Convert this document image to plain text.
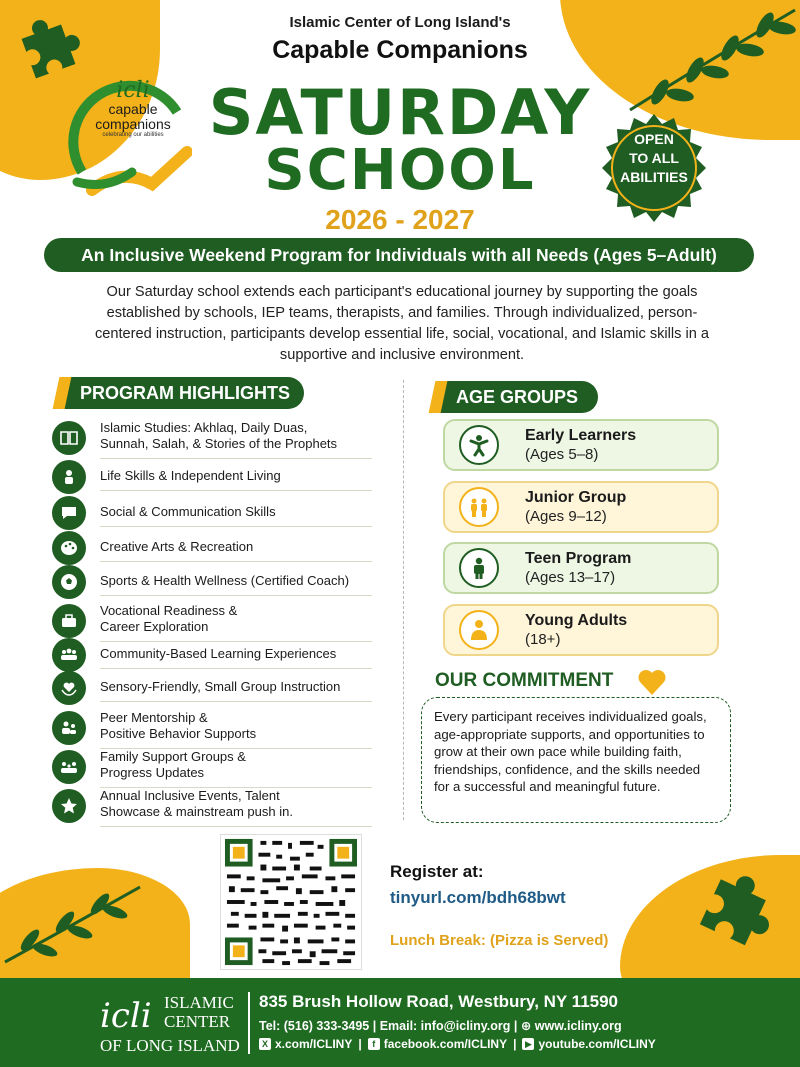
Islamic Center of Long Island's
Capable Companions
SATURDAY
SCHOOL
2026 - 2027
icli
capable
companions
celebrating our abilities	OPEN
TO ALL
ABILITIES
An Inclusive Weekend Program for Individuals with all Needs (Ages 5–Adult)
Our Saturday school extends each participant's educational journey by supporting the goals established by schools, IEP teams, therapists, and families. Through individualized, person-centered instruction, participants develop essential life, social, vocational, and Islamic skills in a supportive and inclusive environment.
PROGRAM HIGHLIGHTS
Islamic Studies: Akhlaq, Daily Duas,
Sunnah, Salah, & Stories of the Prophets
Life Skills & Independent Living
Social & Communication Skills
Creative Arts & Recreation
Sports & Health Wellness (Certified Coach)
Vocational Readiness &
Career Exploration
Community-Based Learning Experiences
Sensory-Friendly, Small Group Instruction
Peer Mentorship &
Positive Behavior Supports
Family Support Groups &
Progress Updates
Annual Inclusive Events, Talent
Showcase & mainstream push in.
AGE GROUPS
Early Learners
(Ages 5–8)
Junior Group
(Ages 9–12)
Teen Program
(Ages 13–17)
Young Adults
(18+)
OUR COMMITMENT
Every participant receives individualized goals, age-appropriate supports, and opportunities to grow at their own pace while building faith, friendships, confidence, and the skills needed for a successful and meaningful future.
Register at:
tinyurl.com/bdh68bwt
Lunch Break: (Pizza is Served)
icli ISLAMIC
CENTER
OF LONG ISLAND
835 Brush Hollow Road, Westbury, NY 11590
Tel: (516) 333-3495 | Email: info@icliny.org | ⊕ www.icliny.org
X x.com/ICLINY |	f facebook.com/ICLINY | ▶ youtube.com/ICLINY
